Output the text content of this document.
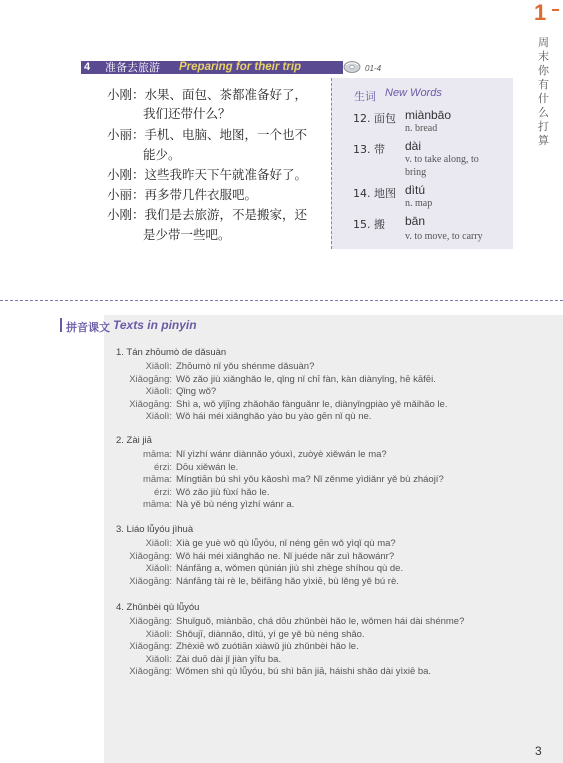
1
周末你有什么打算
4 准备去旅游 Preparing for their trip	01-4
小刚：水果、面包、茶都准备好了，
我们还带什么？
小丽：手机、电脑、地图，一个也不
能少。
小刚：这些我昨天下午就准备好了。
小丽：再多带几件衣服吧。
小刚：我们是去旅游，不是搬家，还
是少带一些吧。
生词 New Words
12. 面包 miànbāo
n. bread
13. 带 dài
v. to take along, to bring
14. 地图 dìtú
n. map
15. 搬 bān
v. to move, to carry
拼音课文 Texts in pinyin
1. Tán zhōumò de dǎsuàn
Xiǎolì: Zhōumò nǐ yǒu shénme dǎsuàn?
Xiǎogāng: Wǒ zǎo jiù xiǎnghǎo le, qǐng nǐ chī fàn, kàn diànyǐng, hē kāfēi.
Xiǎolì: Qǐng wǒ?
Xiǎogāng: Shì a, wǒ yǐjīng zhǎohǎo fànguǎnr le, diànyǐngpiào yě mǎihǎo le.
Xiǎolì: Wǒ hái méi xiǎnghǎo yào bu yào gēn nǐ qù ne.
2. Zài jiā
māma: Nǐ yìzhí wánr diànnǎo yóuxì, zuòyè xiěwán le ma?
érzi: Dōu xiěwán le.
māma: Míngtiān bú shì yǒu kǎoshì ma? Nǐ zěnme yìdiǎnr yě bù zháojí?
érzi: Wǒ zǎo jiù fùxí hǎo le.
māma: Nà yě bù néng yìzhí wánr a.
3. Liáo lǚyóu jìhuà
Xiǎolì: Xià ge yuè wǒ qù lǚyóu, nǐ néng gēn wǒ yìqǐ qù ma?
Xiǎogāng: Wǒ hái méi xiǎnghǎo ne. Nǐ juéde nǎr zuì hǎowánr?
Xiǎolì: Nánfāng a, wǒmen qùnián jiù shì zhège shíhou qù de.
Xiǎogāng: Nánfāng tài rè le, běifāng hǎo yìxiē, bù lěng yě bú rè.
4. Zhǔnbèi qù lǚyóu
Xiǎogāng: Shuǐguǒ, miànbāo, chá dōu zhǔnbèi hǎo le, wǒmen hái dài shénme?
Xiǎolì: Shǒujī, diànnǎo, dìtú, yí ge yě bù néng shǎo.
Xiǎogāng: Zhèxiē wǒ zuótiān xiàwǔ jiù zhǔnbèi hǎo le.
Xiǎolì: Zài duō dài jǐ jiàn yīfu ba.
Xiǎogāng: Wǒmen shì qù lǚyóu, bú shì bān jiā, háishi shǎo dài yìxiē ba.
3
